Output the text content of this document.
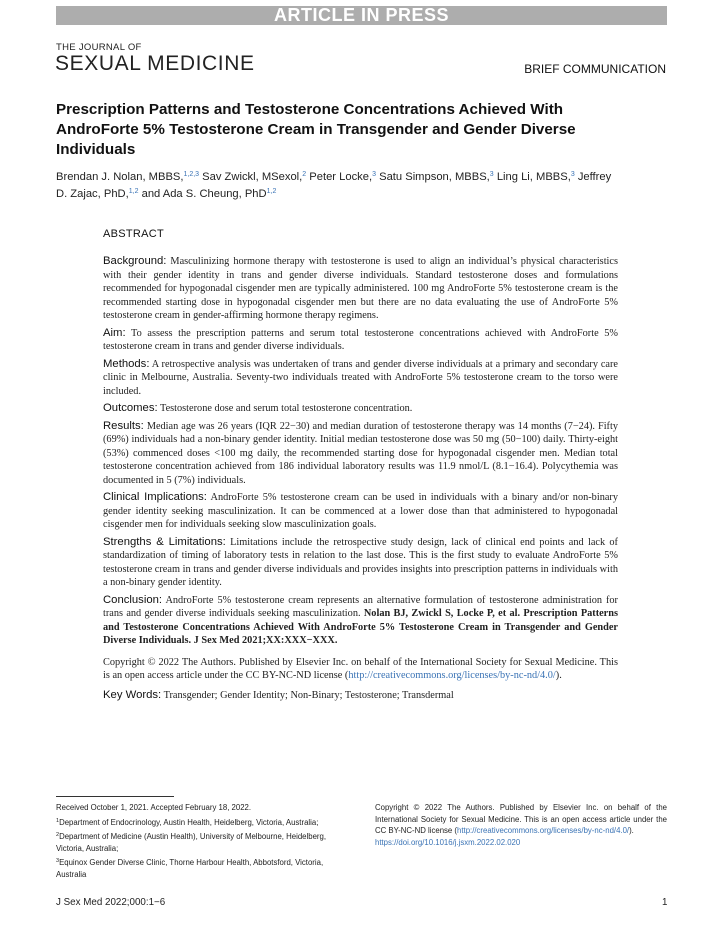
ARTICLE IN PRESS
THE JOURNAL OF
SEXUAL MEDICINE	BRIEF COMMUNICATION
Prescription Patterns and Testosterone Concentrations Achieved With AndroForte 5% Testosterone Cream in Transgender and Gender Diverse Individuals
Brendan J. Nolan, MBBS,$^{1,2,3}$ Sav Zwickl, MSexol,$^2$ Peter Locke,$^3$ Satu Simpson, MBBS,$^3$ Ling Li, MBBS,$^3$ Jeffrey D. Zajac, PhD,$^{1,2}$ and Ada S. Cheung, PhD$^{1,2}$
ABSTRACT

Background: Masculinizing hormone therapy with testosterone is used to align an individual’s physical characteristics with their gender identity in trans and gender diverse individuals. Standard testosterone doses and formulations recommended for hypogonadal cisgender men are typically administered. 100 mg AndroForte 5% testosterone cream is the recommended starting dose in hypogonadal cisgender men but there are no data evaluating the use of AndroForte 5% testosterone cream in gender-affirming hormone therapy regimens.

Aim: To assess the prescription patterns and serum total testosterone concentrations achieved with AndroForte 5% testosterone cream in trans and gender diverse individuals.

Methods: A retrospective analysis was undertaken of trans and gender diverse individuals at a primary and secondary care clinic in Melbourne, Australia. Seventy-two individuals treated with AndroForte 5% testosterone cream to the torso were included.

Outcomes: Testosterone dose and serum total testosterone concentration.

Results: Median age was 26 years (IQR 22−30) and median duration of testosterone therapy was 14 months (7−24). Fifty (69%) individuals had a non-binary gender identity. Initial median testosterone dose was 50 mg (50−100) daily. Thirty-eight (53%) commenced doses <100 mg daily, the recommended starting dose for hypogonadal cisgender men. Median total testosterone concentration achieved from 186 individual laboratory results was 11.9 nmol/L (8.1−16.4). Polycythemia was documented in 5 (7%) individuals.

Clinical Implications: AndroForte 5% testosterone cream can be used in individuals with a binary and/or non-binary gender identity seeking masculinization. It can be commenced at a lower dose than that administered to hypogonadal cisgender men for individuals seeking slow masculinization goals.

Strengths & Limitations: Limitations include the retrospective study design, lack of clinical end points and lack of standardization of timing of laboratory tests in relation to the last dose. This is the first study to evaluate AndroForte 5% testosterone cream in trans and gender diverse individuals and provides insights into prescription patterns in individuals with a non-binary gender identity.

Conclusion: AndroForte 5% testosterone cream represents an alternative formulation of testosterone administration for trans and gender diverse individuals seeking masculinization. Nolan BJ, Zwickl S, Locke P, et al. Prescription Patterns and Testosterone Concentrations Achieved With AndroForte 5% Testosterone Cream in Transgender and Gender Diverse Individuals. J Sex Med 2021;XX:XXX−XXX.

Copyright © 2022 The Authors. Published by Elsevier Inc. on behalf of the International Society for Sexual Medicine. This is an open access article under the CC BY-NC-ND license (http://creativecommons.org/licenses/by-nc-nd/4.0/).

Key Words: Transgender; Gender Identity; Non-Binary; Testosterone; Transdermal

Received October 1, 2021. Accepted February 18, 2022.

$^1$Department of Endocrinology, Austin Health, Heidelberg, Victoria, Australia;

$^2$Department of Medicine (Austin Health), University of Melbourne, Heidelberg, Victoria, Australia;

$^3$Equinox Gender Diverse Clinic, Thorne Harbour Health, Abbotsford, Victoria, Australia

Copyright © 2022 The Authors. Published by Elsevier Inc. on behalf of the International Society for Sexual Medicine. This is an open access article under the CC BY-NC-ND license (http://creativecommons.org/licenses/by-nc-nd/4.0/).
https://doi.org/10.1016/j.jsxm.2022.02.020
J Sex Med 2022;000:1−6	1
